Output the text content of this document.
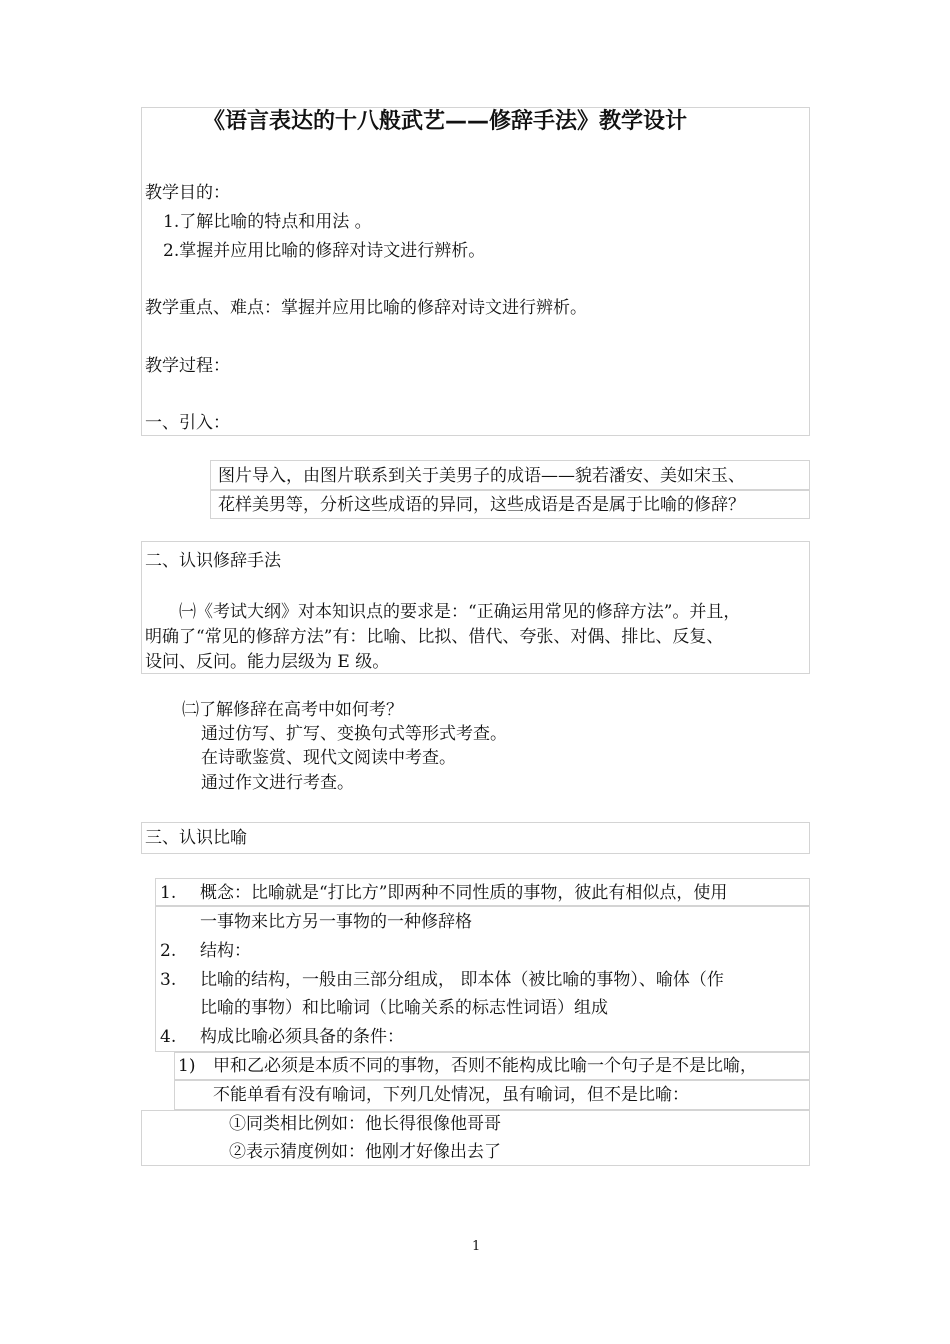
《语言表达的十八般武艺——修辞手法》教学设计
教学目的：
1.了解比喻的特点和用法 。
2.掌握并应用比喻的修辞对诗文进行辨析。
教学重点、难点：掌握并应用比喻的修辞对诗文进行辨析。
教学过程：
一、引入：
图片导入，由图片联系到关于美男子的成语——貌若潘安、美如宋玉、
花样美男等，分析这些成语的异同，这些成语是否是属于比喻的修辞？
二、认识修辞手法
㈠《考试大纲》对本知识点的要求是：“正确运用常见的修辞方法”。并且，
明确了“常见的修辞方法”有：比喻、比拟、借代、夸张、对偶、排比、反复、
设问、反问。能力层级为 E 级。
㈡了解修辞在高考中如何考？
通过仿写、扩写、变换句式等形式考查。
在诗歌鉴赏、现代文阅读中考查。
通过作文进行考查。
三、认识比喻
1. 概念：比喻就是“打比方”即两种不同性质的事物，彼此有相似点，使用
一事物来比方另一事物的一种修辞格
2. 结构：
3. 比喻的结构，一般由三部分组成， 即本体（被比喻的事物）、喻体（作
比喻的事物）和比喻词（比喻关系的标志性词语）组成
4. 构成比喻必须具备的条件：
1) 甲和乙必须是本质不同的事物，否则不能构成比喻一个句子是不是比喻，
不能单看有没有喻词，下列几处情况，虽有喻词，但不是比喻：
①同类相比例如：他长得很像他哥哥
②表示猜度例如：他刚才好像出去了
1
